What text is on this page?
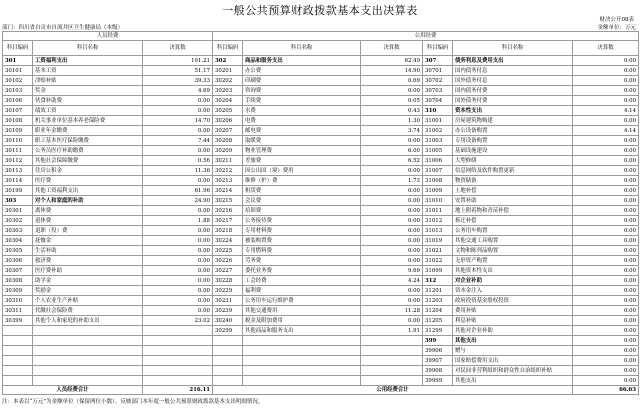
一般公共预算财政拨款基本支出决算表
财决公开08表
部门：四川省自贡市自流井区卫生健康局（本级）	金额单位：万元
人员经费			公用经费					
科目编码	科目名称	决算数	科目编码	科目名称	决算数	科目编码	科目名称	决算数
301	工资福利支出	191.21	302	商品和服务支出	62.49	307	债务利息及费用支出	0.00
30101	基本工资	51.17	30201	办公费	14.90	30701	国内债务付息	0.00
30102	津贴补贴	39.33	30202	印刷费	0.69	30702	国外债务付息	0.00
30103	奖金	4.69	30203	咨询费	0.00	30703	国内债务付费	0.00
30106	伙食补助费	0.00	30204	手续费	0.05	30704	国外债务付费	0.00
30107	绩效工资	0.00	30205	水费	0.43	310	资本性支出	4.14
30108	机关事业单位基本养老保险费	14.70	30206	电费	1.30	31001	房屋建筑物购建	0.00
30109	职业年金缴费	0.00	30207	邮电费	3.74	31002	办公设备购置	4.14
30110	职工基本医疗保险缴费	7.44	30208	取暖费	0.00	31003	专用设备购置	0.00
30111	公务员医疗补助缴费	0.00	30209	物业管理费	6.00	31005	基础设施建设	0.00
30112	其他社会保障缴费	0.56	30211	差旅费	6.52	31006	大型修缮	0.00
30113	住房公积金	11.36	30212	因公出国（境）费用	0.00	31007	信息网络及软件购置更新	0.00
30114	医疗费	0.00	30213	维修（护）费	1.73	31008	物资储备	0.00
30199	其他工资福利支出	61.96	30214	租赁费	0.00	31009	土地补偿	0.00
303	对个人和家庭的补助	24.90	30215	会议费	0.00	31010	安置补助	0.00
30301	离休费	0.00	30216	培训费	0.00	31011	地上附着物和青苗补偿	0.00
30302	退休费	1.88	30217	公务接待费	0.00	31012	拆迁补偿	0.00
30303	退职（役）费	0.00	30218	专用材料费	0.00	31013	公务用车购置	0.00
30304	抚恤金	0.00	30224	被装购置费	0.00	31019	其他交通工具购置	0.00
30305	生活补助	0.00	30225	专用燃料费	0.00	31021	文物和陈列品购置	0.00
30306	救济费	0.00	30226	劳务费	0.00	31022	无形资产购置	0.00
30307	医疗费补助	0.00	30227	委托业务费	9.69	31099	其他资本性支出	0.00
30308	助学金	0.00	30228	工会经费	4.24	312	对企业补助	0.00
30309	奖励金	0.00	30229	福利费	0.00	31201	资本金注入	0.00
30310	个人农业生产补贴	0.00	30231	公务用车运行维护费	0.00	31203	政府投资基金股权投资	0.00
30311	代缴社会保险费	0.00	30239	其他交通费用	11.28	31204	费用补贴	0.00
30399	其他个人和家庭的补助支出	23.02	30240	税金及附加费用	0.00	31205	利息补贴	0.00
			30299	其他商品和服务支出	1.91	31299	其他对企业补助	0.00
						399	其他支出	0.00
						39906	赠与	0.00
						39907	国家赔偿费用支出	0.00
						39908	对民间非营利组织和群众性自治组织补贴	0.00
						39999	其他支出	0.00
人员经费合计		216.11	公用经费合计					66.63
注：本表以“万元”为金额单位（保留两位小数）。反映部门本年度一般公共预算财政拨款基本支出明细情况。
